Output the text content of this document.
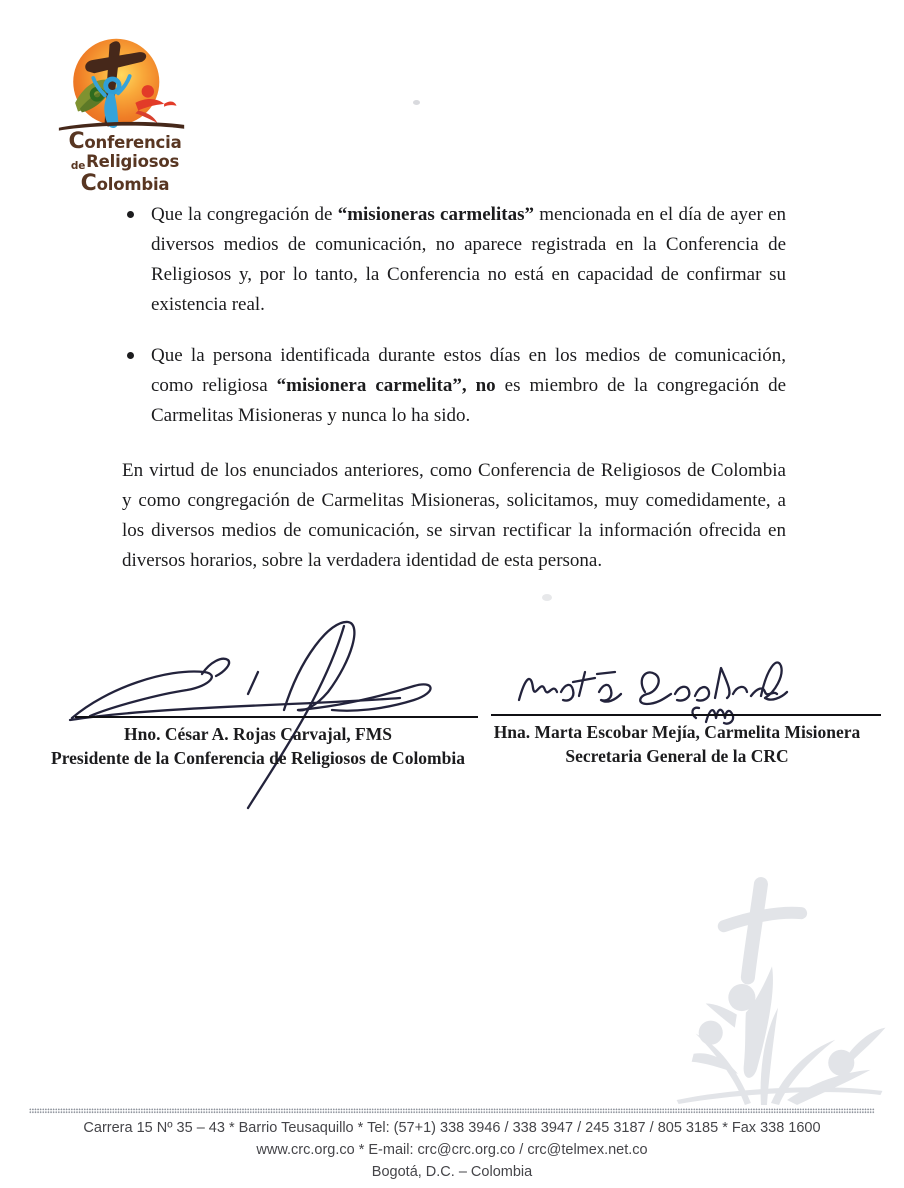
Conferencia
deReligiosos
Colombia
Que la congregación de “misioneras carmelitas” mencionada en el día de ayer en diversos medios de comunicación, no aparece registrada en la Conferencia de Religiosos y, por lo tanto, la Conferencia no está en capacidad de confirmar su existencia real.
Que la persona identificada durante estos días en los medios de comunicación, como religiosa “misionera carmelita”, no es miembro de la congregación de Carmelitas Misioneras y nunca lo ha sido.
En virtud de los enunciados anteriores, como Conferencia de Religiosos de Colombia y como congregación de Carmelitas Misioneras, solicitamos, muy comedidamente, a los diversos medios de comunicación, se sirvan rectificar la información ofrecida en diversos horarios, sobre la verdadera identidad de esta persona.
Hno. César A. Rojas Carvajal, FMS
Presidente de la Conferencia de Religiosos de Colombia
Hna. Marta Escobar Mejía, Carmelita Misionera
Secretaria General de la CRC
Carrera 15 Nº 35 – 43 * Barrio Teusaquillo * Tel: (57+1) 338 3946 / 338 3947 / 245 3187 / 805 3185 * Fax 338 1600
www.crc.org.co * E-mail: crc@crc.org.co / crc@telmex.net.co
Bogotá, D.C. – Colombia
